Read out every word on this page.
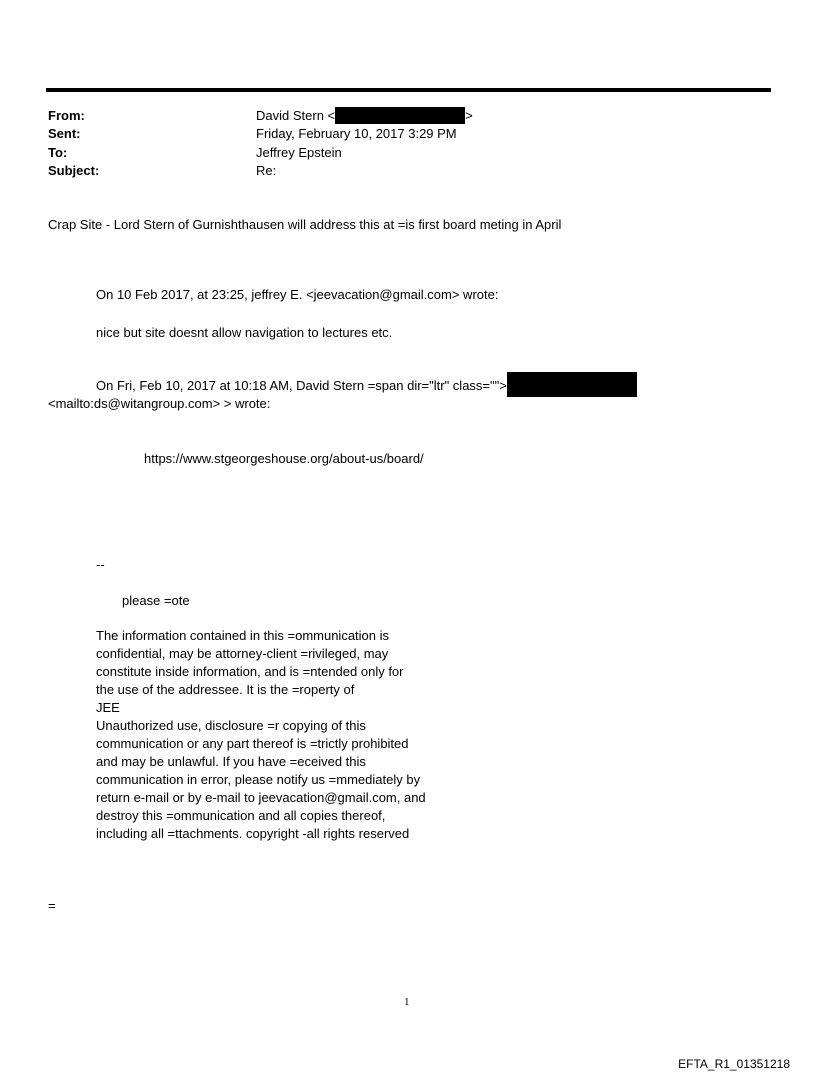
From:	David Stern <	>
Sent:	Friday, February 10, 2017 3:29 PM
To:	Jeffrey Epstein
Subject:	Re:
Crap Site - Lord Stern of Gurnishthausen will address this at =is first board meting in April
On 10 Feb 2017, at 23:25, jeffrey E. <jeevacation@gmail.com> wrote:
nice but site doesnt allow navigation to lectures etc.
On Fri, Feb 10, 2017 at 10:18 AM, David Stern =span dir="ltr" class="">
<mailto:ds@witangroup.com> > wrote:
https://www.stgeorgeshouse.org/about-us/board/
--
please =ote
The information contained in this =ommunication is
confidential, may be attorney-client =rivileged, may
constitute inside information, and is =ntended only for
the use of the addressee. It is the =roperty of
JEE
Unauthorized use, disclosure =r copying of this
communication or any part thereof is =trictly prohibited
and may be unlawful. If you have =eceived this
communication in error, please notify us =mmediately by
return e-mail or by e-mail to jeevacation@gmail.com, and
destroy this =ommunication and all copies thereof,
including all =ttachments. copyright -all rights reserved
=
1
EFTA_R1_01351218
